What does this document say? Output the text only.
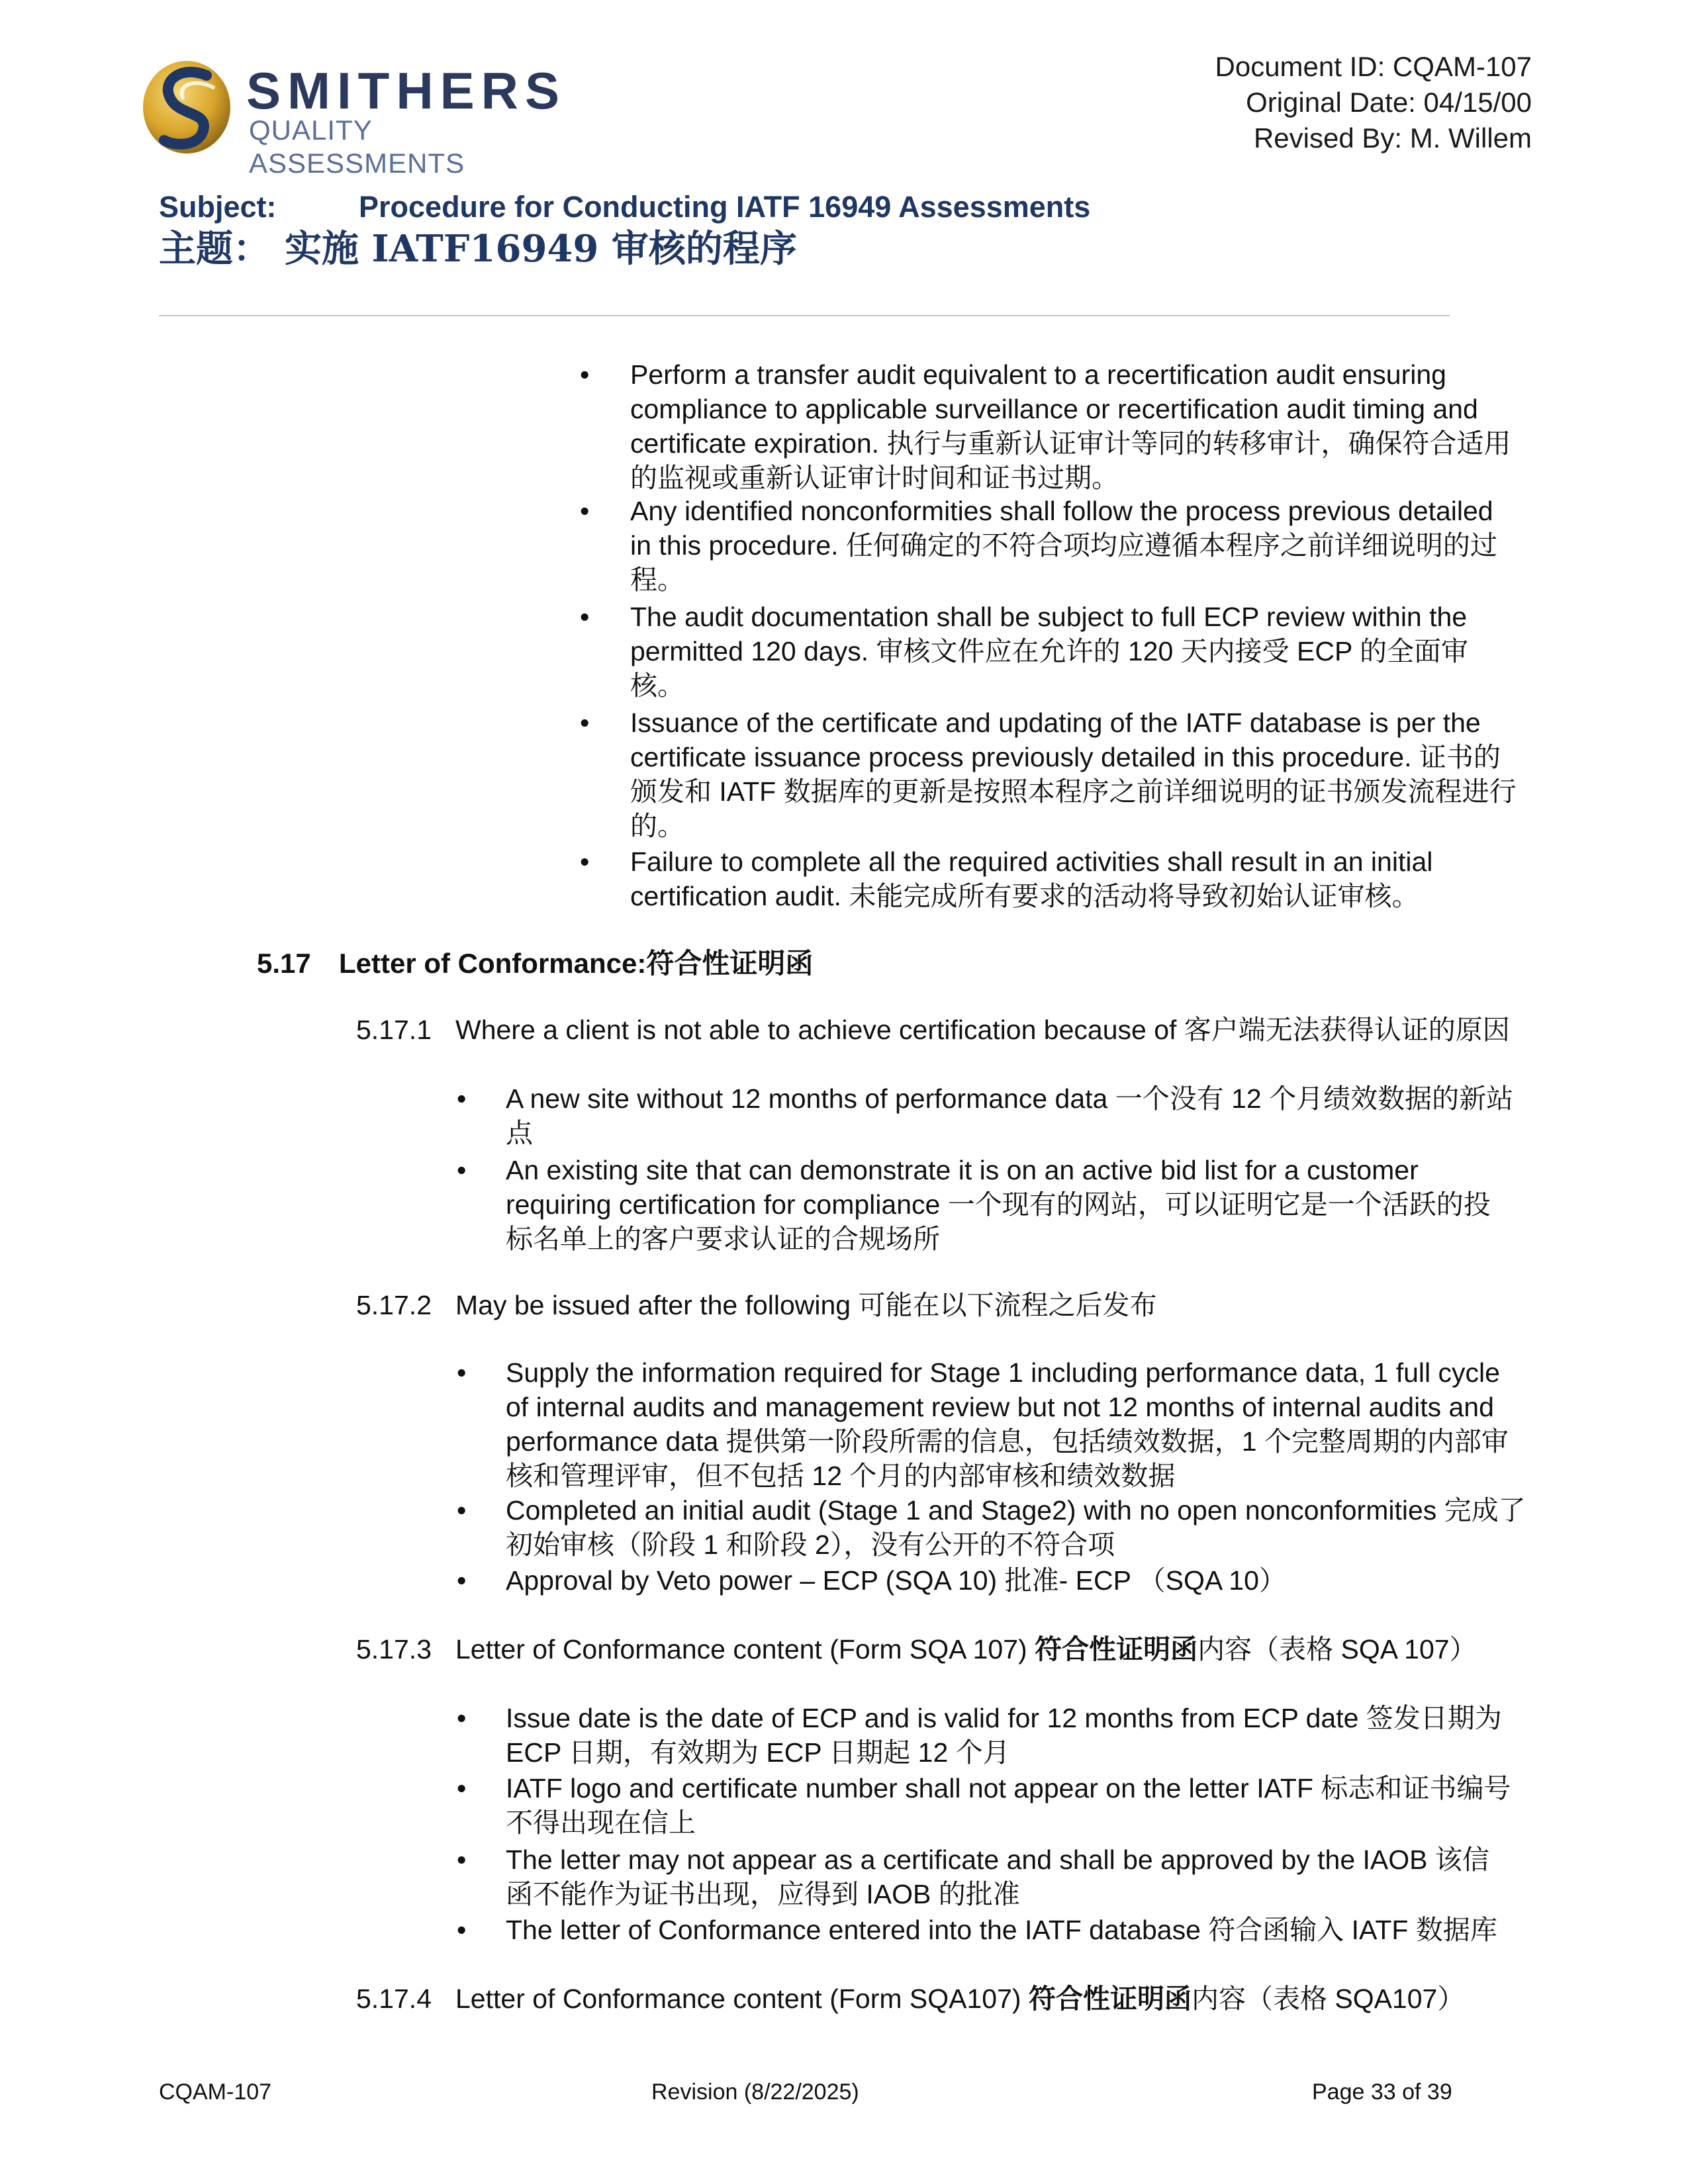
SMITHERS
QUALITY ASSESSMENTS
Document ID: CQAM-107
Original Date: 04/15/00
Revised By: M. Willem
Subject:	Procedure for Conducting IATF 16949 Assessments
主题： 实施 IATF16949 审核的程序
• Perform a transfer audit equivalent to a recertification audit ensuring compliance to applicable surveillance or recertification audit timing and certificate expiration. 执行与重新认证审计等同的转移审计，确保符合适用的监视或重新认证审计时间和证书过期。
• Any identified nonconformities shall follow the process previous detailed in this procedure. 任何确定的不符合项均应遵循本程序之前详细说明的过程。
• The audit documentation shall be subject to full ECP review within the permitted 120 days. 审核文件应在允许的 120 天内接受 ECP 的全面审核。
• Issuance of the certificate and updating of the IATF database is per the certificate issuance process previously detailed in this procedure. 证书的颁发和 IATF 数据库的更新是按照本程序之前详细说明的证书颁发流程进行的。
• Failure to complete all the required activities shall result in an initial certification audit. 未能完成所有要求的活动将导致初始认证审核。
5.17 Letter of Conformance:符合性证明函
5.17.1 Where a client is not able to achieve certification because of 客户端无法获得认证的原因
• A new site without 12 months of performance data 一个没有 12 个月绩效数据的新站点
• An existing site that can demonstrate it is on an active bid list for a customer requiring certification for compliance 一个现有的网站，可以证明它是一个活跃的投标名单上的客户要求认证的合规场所
5.17.2 May be issued after the following 可能在以下流程之后发布
• Supply the information required for Stage 1 including performance data, 1 full cycle of internal audits and management review but not 12 months of internal audits and performance data 提供第一阶段所需的信息，包括绩效数据，1 个完整周期的内部审核和管理评审，但不包括 12 个月的内部审核和绩效数据
• Completed an initial audit (Stage 1 and Stage2) with no open nonconformities 完成了初始审核（阶段 1 和阶段 2），没有公开的不符合项
• Approval by Veto power – ECP (SQA 10) 批准- ECP （SQA 10）
5.17.3 Letter of Conformance content (Form SQA 107) 符合性证明函内容（表格 SQA 107）
• Issue date is the date of ECP and is valid for 12 months from ECP date 签发日期为 ECP 日期，有效期为 ECP 日期起 12 个月
• IATF logo and certificate number shall not appear on the letter IATF 标志和证书编号不得出现在信上
• The letter may not appear as a certificate and shall be approved by the IAOB 该信函不能作为证书出现，应得到 IAOB 的批准
• The letter of Conformance entered into the IATF database 符合函输入 IATF 数据库
5.17.4 Letter of Conformance content (Form SQA107) 符合性证明函内容（表格 SQA107）
CQAM-107	Revision (8/22/2025)	Page 33 of 39
